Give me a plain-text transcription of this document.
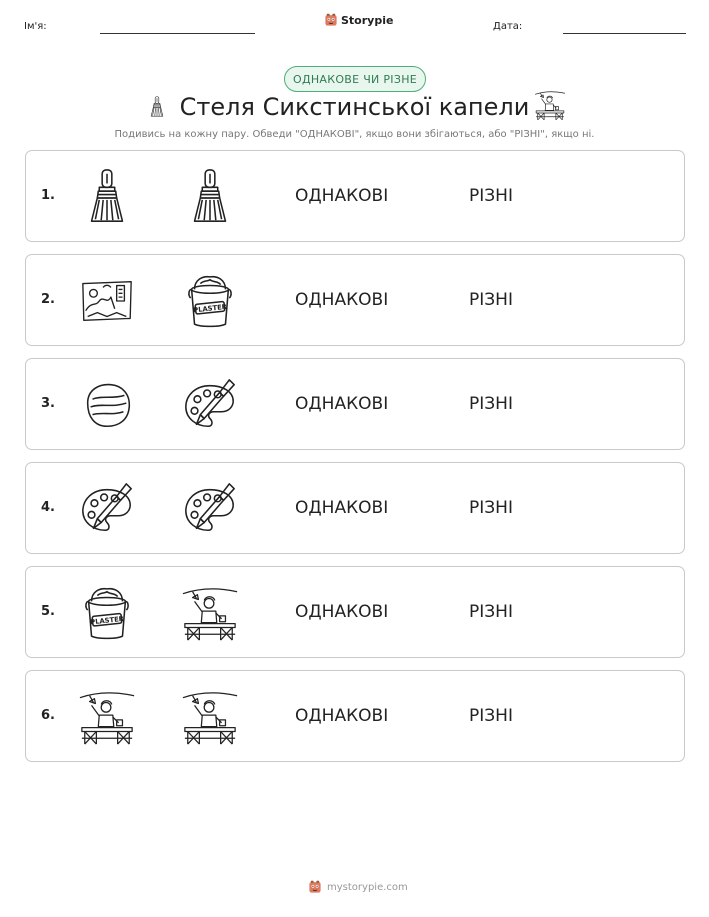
Ім'я:	Storypie	Дата:
ОДНАКОВЕ ЧИ РІЗНЕ
Стеля Сикстинської капели
Подивись на кожну пару. Обведи "ОДНАКОВІ", якщо вони збігаються, або "РІЗНІ", якщо ні.
1.	ОДНАКОВІ	РІЗНІ
2.	ОДНАКОВІ	РІЗНІ
3.	ОДНАКОВІ	РІЗНІ
4.	ОДНАКОВІ	РІЗНІ
5.	ОДНАКОВІ	РІЗНІ
6.	ОДНАКОВІ	РІЗНІ
mystorypie.com
